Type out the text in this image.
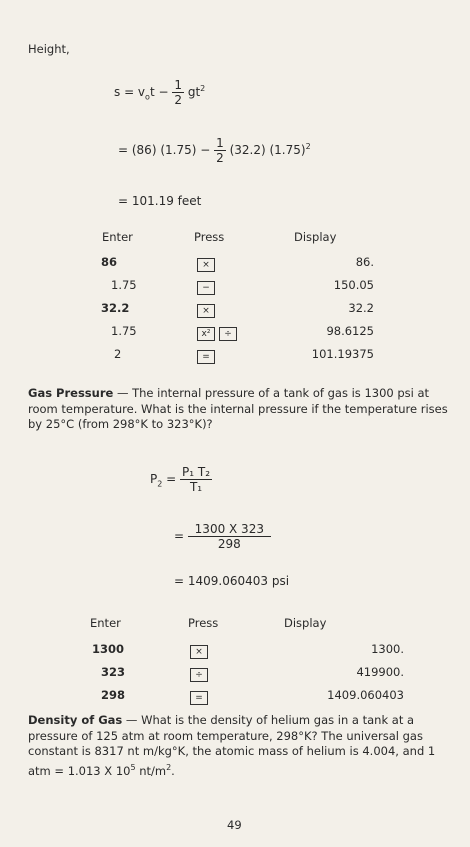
Height,
$s = v_ot - \frac{1}{2} gt^2$
= (86) $(1.75) - \frac{1}{2} (32.2)$ $(1.75)^2$
= 101.19 feet
Enter	Press	Display
86	×	86.
1.75	−	150.05
32.2	×	32.2
1.75	x² ÷	98.6125
2	=	101.19375
Gas Pressure — The internal pressure of a tank of gas is 1300 psi at room temperature. What is the internal pressure if the temperature rises by 25°C (from 298°K to 323°K)?
$P_2 = \frac{\text{P₁ T₂}}{\text{T₁}}$
= $\frac{1300 X 323}{298}$
= 1409.060403 psi
Enter	Press	Display
1300	×	1300.
323	÷	419900.
298	=	1409.060403
Density of Gas — What is the density of helium gas in a tank at a pressure of 125 atm at room temperature, 298°K? The universal gas constant is 8317 nt m/kg°K, the atomic mass of helium is 4.004, and 1 atm = 1.013 X $10^5$ $nt/m^2$.
49
